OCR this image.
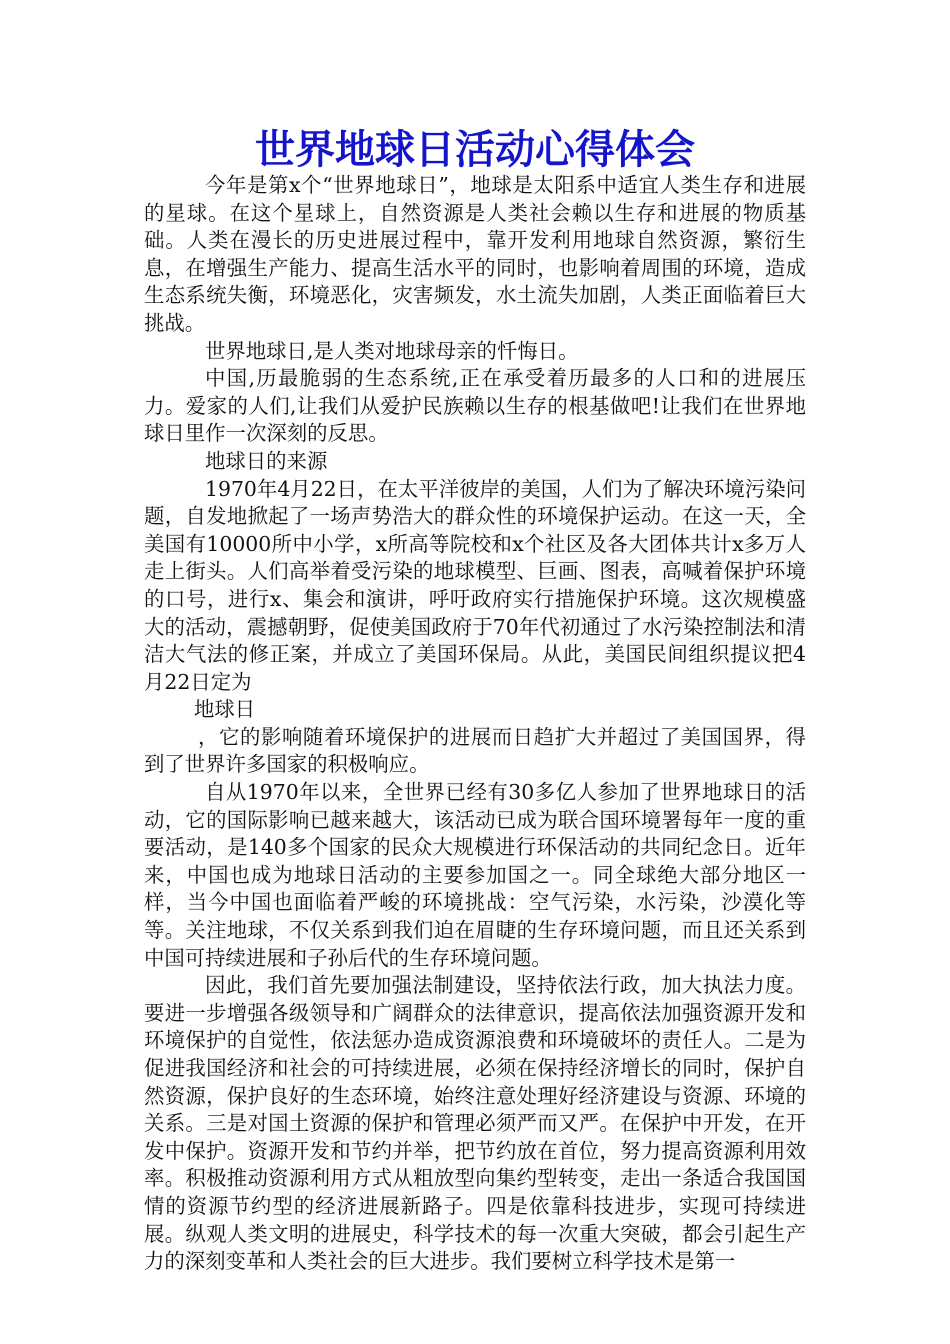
世界地球日活动心得体会

今年是第x个“世界地球日”，地球是太阳系中适宜人类生存和进展的星球。在这个星球上，自然资源是人类社会赖以生存和进展的物质基础。人类在漫长的历史进展过程中，靠开发利用地球自然资源，繁衍生息，在增强生产能力、提高生活水平的同时，也影响着周围的环境，造成生态系统失衡，环境恶化，灾害频发，水土流失加剧，人类正面临着巨大挑战。

世界地球日,是人类对地球母亲的忏悔日。

中国,历最脆弱的生态系统,正在承受着历最多的人口和的进展压力。爱家的人们,让我们从爱护民族赖以生存的根基做吧!让我们在世界地球日里作一次深刻的反思。

地球日的来源

1970年4月22日，在太平洋彼岸的美国，人们为了解决环境污染问题，自发地掀起了一场声势浩大的群众性的环境保护运动。在这一天，全美国有10000所中小学，x所高等院校和x个社区及各大团体共计x多万人走上街头。人们高举着受污染的地球模型、巨画、图表，高喊着保护环境的口号，进行x、集会和演讲，呼吁政府实行措施保护环境。这次规模盛大的活动，震撼朝野，促使美国政府于70年代初通过了水污染控制法和清洁大气法的修正案，并成立了美国环保局。从此，美国民间组织提议把4月22日定为

地球日

，它的影响随着环境保护的进展而日趋扩大并超过了美国国界，得到了世界许多国家的积极响应。

自从1970年以来，全世界已经有30多亿人参加了世界地球日的活动，它的国际影响已越来越大，该活动已成为联合国环境署每年一度的重要活动，是140多个国家的民众大规模进行环保活动的共同纪念日。近年来，中国也成为地球日活动的主要参加国之一。同全球绝大部分地区一样，当今中国也面临着严峻的环境挑战：空气污染，水污染，沙漠化等等。关注地球，不仅关系到我们迫在眉睫的生存环境问题，而且还关系到中国可持续进展和子孙后代的生存环境问题。

因此，我们首先要加强法制建设，坚持依法行政，加大执法力度。要进一步增强各级领导和广阔群众的法律意识，提高依法加强资源开发和环境保护的自觉性，依法惩办造成资源浪费和环境破坏的责任人。二是为促进我国经济和社会的可持续进展，必须在保持经济增长的同时，保护自然资源，保护良好的生态环境，始终注意处理好经济建设与资源、环境的关系。三是对国土资源的保护和管理必须严而又严。在保护中开发，在开发中保护。资源开发和节约并举，把节约放在首位，努力提高资源利用效率。积极推动资源利用方式从粗放型向集约型转变，走出一条适合我国国情的资源节约型的经济进展新路子。四是依靠科技进步，实现可持续进展。纵观人类文明的进展史，科学技术的每一次重大突破，都会引起生产力的深刻变革和人类社会的巨大进步。我们要树立科学技术是第一
